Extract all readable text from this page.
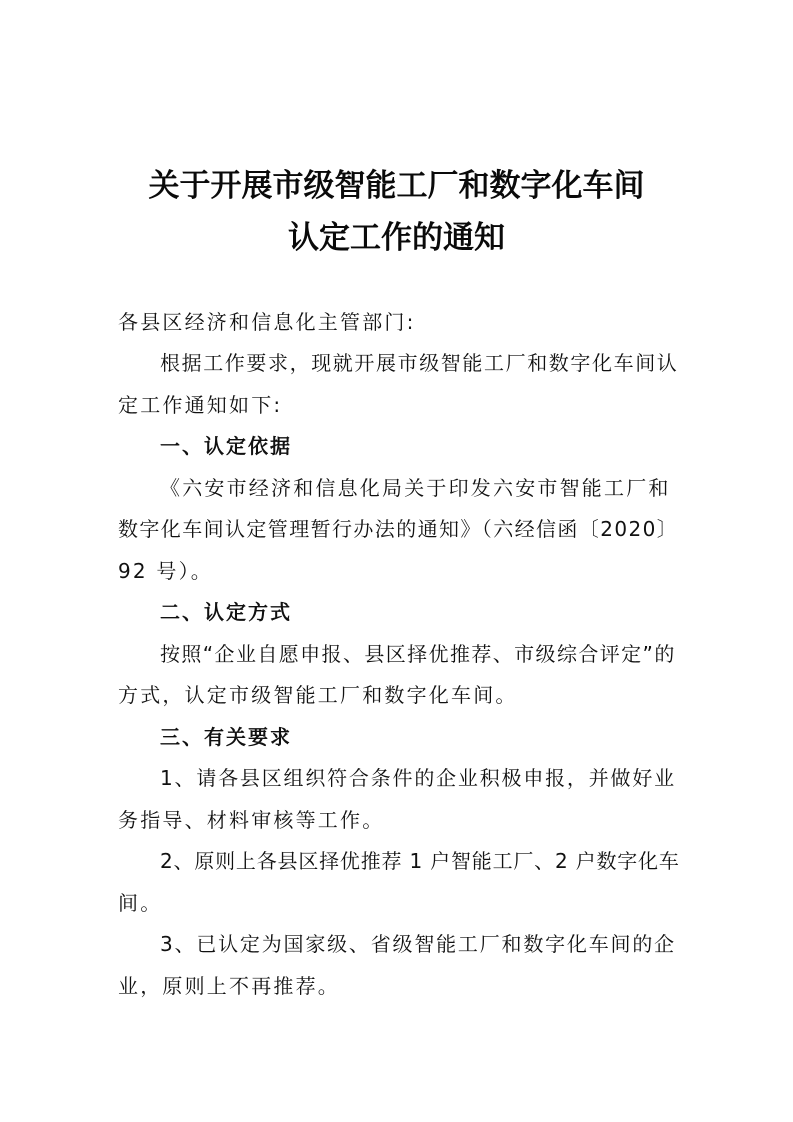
关于开展市级智能工厂和数字化车间
认定工作的通知
各县区经济和信息化主管部门:
根据工作要求，现就开展市级智能工厂和数字化车间认
定工作通知如下:
一、认定依据
《六安市经济和信息化局关于印发六安市智能工厂和
数字化车间认定管理暂行办法的通知》（六经信函〔2020〕
92 号）。
二、认定方式
按照“企业自愿申报、县区择优推荐、市级综合评定”的
方式，认定市级智能工厂和数字化车间。
三、有关要求
1、请各县区组织符合条件的企业积极申报，并做好业
务指导、材料审核等工作。
2、原则上各县区择优推荐 1 户智能工厂、2 户数字化车
间。
3、已认定为国家级、省级智能工厂和数字化车间的企
业，原则上不再推荐。
